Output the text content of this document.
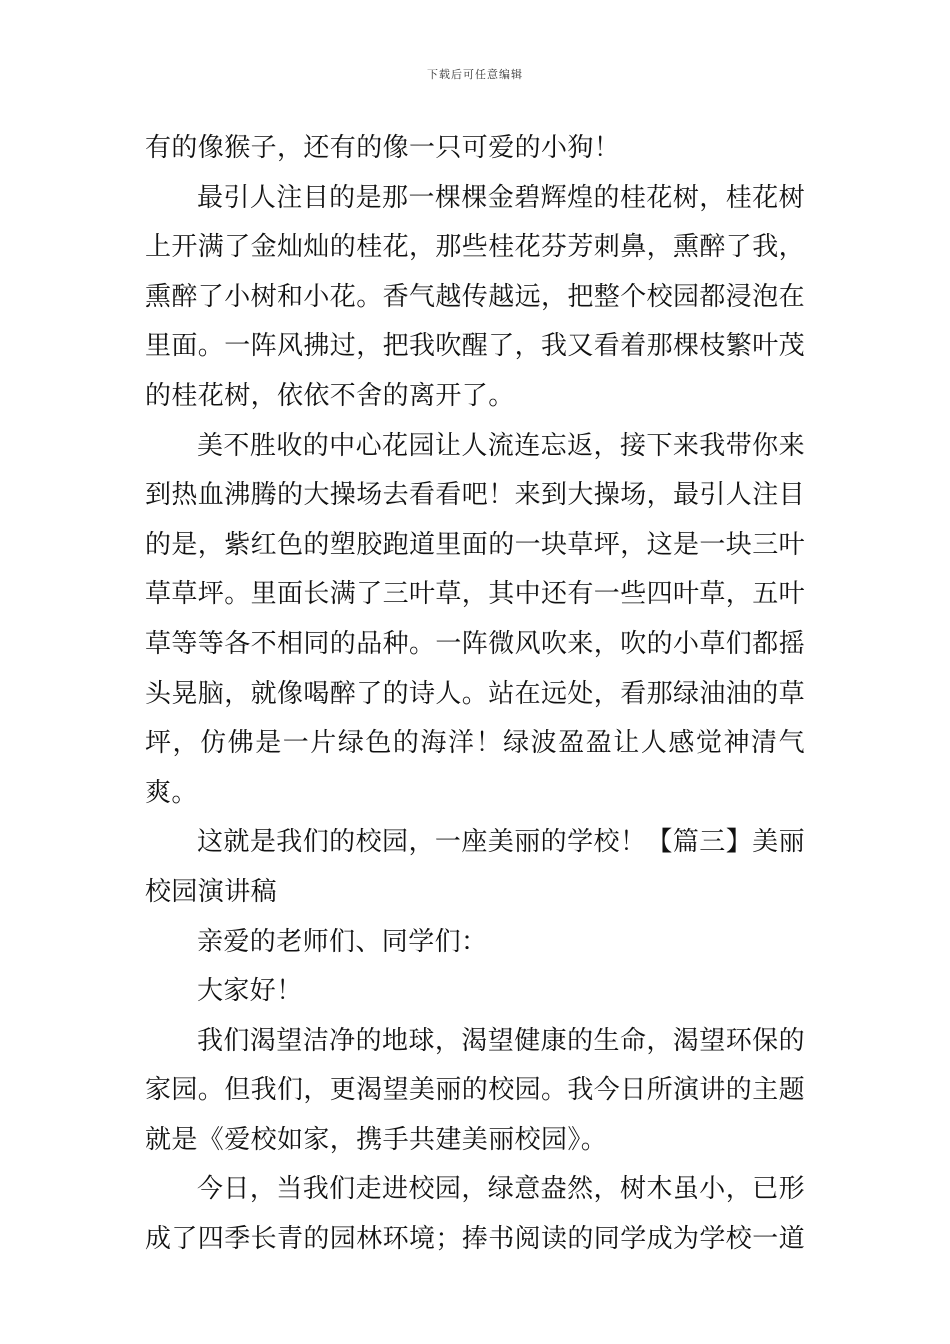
下载后可任意编辑

有的像猴子，还有的像一只可爱的小狗！

最引人注目的是那一棵棵金碧辉煌的桂花树，桂花树上开满了金灿灿的桂花，那些桂花芬芳刺鼻，熏醉了我，熏醉了小树和小花。香气越传越远，把整个校园都浸泡在里面。一阵风拂过，把我吹醒了，我又看着那棵枝繁叶茂的桂花树，依依不舍的离开了。

美不胜收的中心花园让人流连忘返，接下来我带你来到热血沸腾的大操场去看看吧！来到大操场，最引人注目的是，紫红色的塑胶跑道里面的一块草坪，这是一块三叶草草坪。里面长满了三叶草，其中还有一些四叶草，五叶草等等各不相同的品种。一阵微风吹来，吹的小草们都摇头晃脑，就像喝醉了的诗人。站在远处，看那绿油油的草坪，仿佛是一片绿色的海洋！绿波盈盈让人感觉神清气爽。

这就是我们的校园，一座美丽的学校！【篇三】美丽校园演讲稿

亲爱的老师们、同学们：

大家好！

我们渴望洁净的地球，渴望健康的生命，渴望环保的家园。但我们，更渴望美丽的校园。我今日所演讲的主题就是《爱校如家，携手共建美丽校园》。

今日，当我们走进校园，绿意盎然，树木虽小，已形成了四季长青的园林环境；捧书阅读的同学成为学校一道
